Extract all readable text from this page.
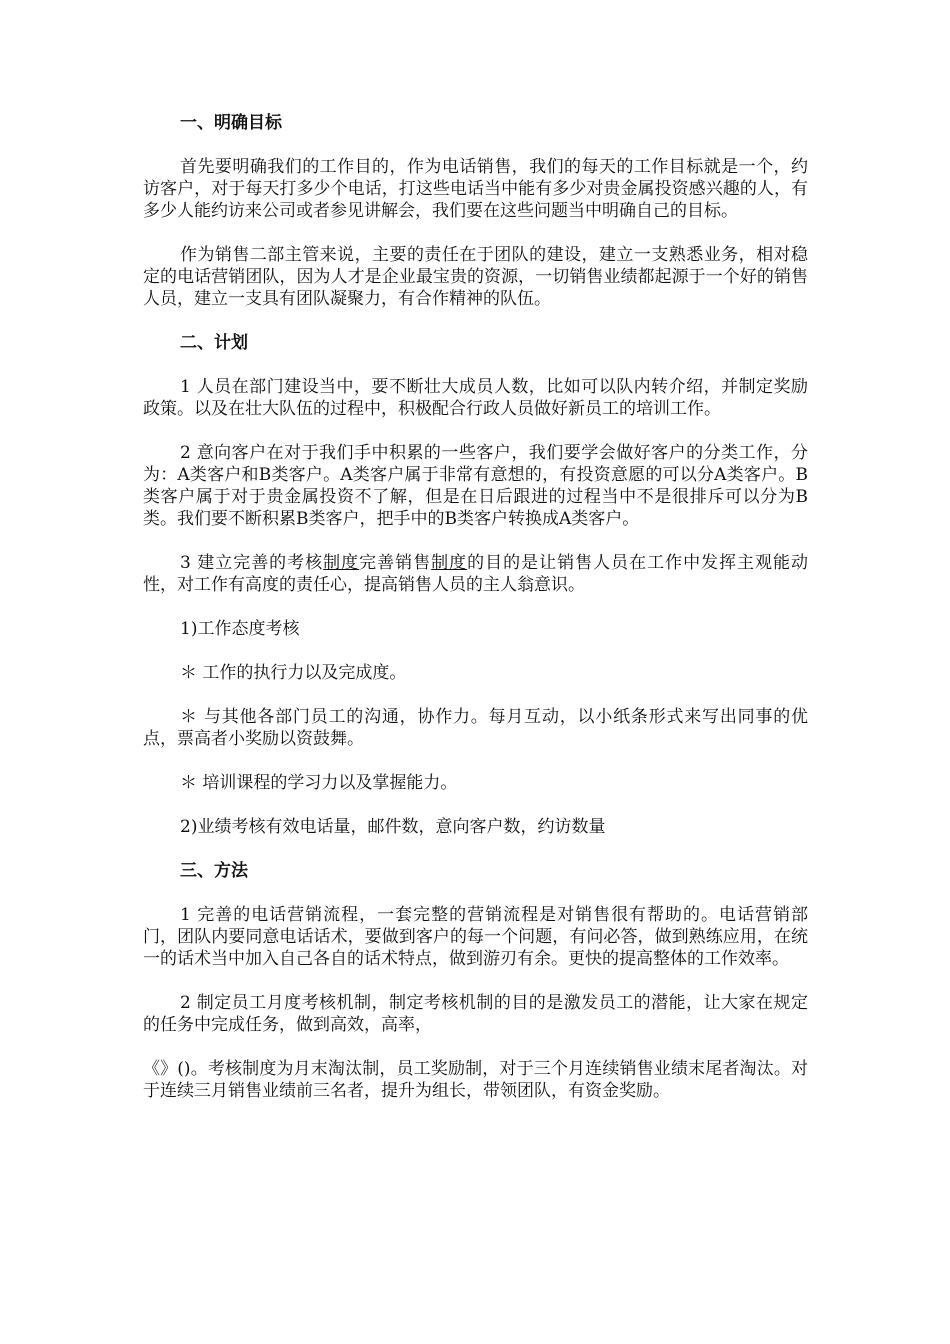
一、明确目标

首先要明确我们的工作目的，作为电话销售，我们的每天的工作目标就是一个，约访客户，对于每天打多少个电话，打这些电话当中能有多少对贵金属投资感兴趣的人，有多少人能约访来公司或者参见讲解会，我们要在这些问题当中明确自己的目标。

作为销售二部主管来说，主要的责任在于团队的建设，建立一支熟悉业务，相对稳定的电话营销团队，因为人才是企业最宝贵的资源，一切销售业绩都起源于一个好的销售人员，建立一支具有团队凝聚力，有合作精神的队伍。

二、计划

1 人员在部门建设当中，要不断壮大成员人数，比如可以队内转介绍，并制定奖励政策。以及在壮大队伍的过程中，积极配合行政人员做好新员工的培训工作。

2 意向客户在对于我们手中积累的一些客户，我们要学会做好客户的分类工作，分为：A类客户和B类客户。A类客户属于非常有意想的，有投资意愿的可以分A类客户。B类客户属于对于贵金属投资不了解，但是在日后跟进的过程当中不是很排斥可以分为B类。我们要不断积累B类客户，把手中的B类客户转换成A类客户。

3 建立完善的考核制度完善销售制度的目的是让销售人员在工作中发挥主观能动性，对工作有高度的责任心，提高销售人员的主人翁意识。

1)工作态度考核

＊ 工作的执行力以及完成度。

＊ 与其他各部门员工的沟通，协作力。每月互动，以小纸条形式来写出同事的优点，票高者小奖励以资鼓舞。

＊ 培训课程的学习力以及掌握能力。

2)业绩考核有效电话量，邮件数，意向客户数，约访数量

三、方法

1 完善的电话营销流程，一套完整的营销流程是对销售很有帮助的。电话营销部门，团队内要同意电话话术，要做到客户的每一个问题，有问必答，做到熟练应用，在统一的话术当中加入自己各自的话术特点，做到游刃有余。更快的提高整体的工作效率。

2 制定员工月度考核机制，制定考核机制的目的是激发员工的潜能，让大家在规定的任务中完成任务，做到高效，高率，

《》()。考核制度为月末淘汰制，员工奖励制，对于三个月连续销售业绩末尾者淘汰。对于连续三月销售业绩前三名者，提升为组长，带领团队，有资金奖励。
